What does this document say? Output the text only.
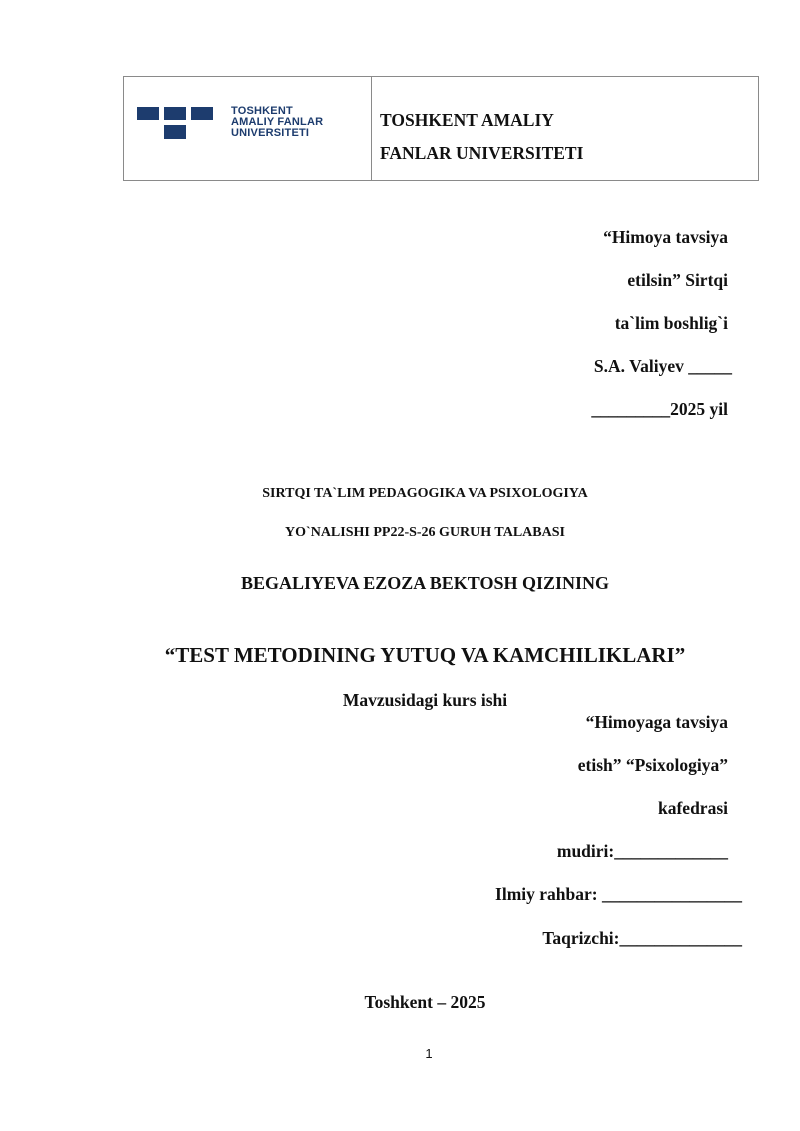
TOSHKENT
AMALIY FANLAR
UNIVERSITETI
TOSHKENT AMALIY
FANLAR UNIVERSITETI
“Himoya tavsiya
etilsin” Sirtqi
ta`lim boshlig`i
S.A. Valiyev _____
_________2025 yil
SIRTQI TA`LIM PEDAGOGIKA VA PSIXOLOGIYA
YO`NALISHI PP22-S-26 GURUH TALABASI
BEGALIYEVA EZOZA BEKTOSH QIZINING
“TEST METODINING YUTUQ VA KAMCHILIKLARI”
Mavzusidagi kurs ishi
“Himoyaga tavsiya
etish” “Psixologiya”
kafedrasi
mudiri:_____________
Ilmiy rahbar: ________________
Taqrizchi:______________
Toshkent – 2025
1
